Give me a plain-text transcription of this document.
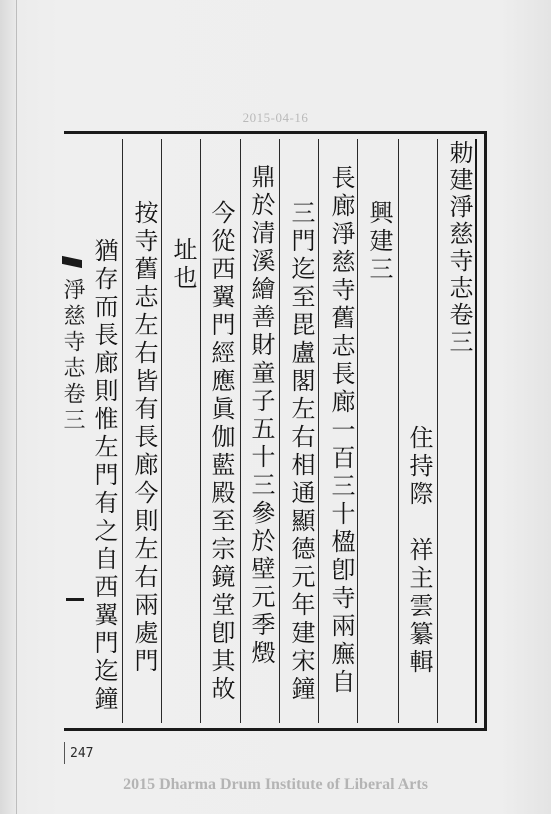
2015-04-16
勅建淨慈寺志卷三
住持際　祥主雲纂輯
興建三
長廊淨慈寺舊志長廊一百三十楹卽寺兩廡自
三門迄至毘盧閣左右相通顯德元年建宋鐘
鼎於清溪繪善財童子五十三參於壁元季燬
今從西翼門經應眞伽藍殿至宗鏡堂卽其故
址也
按寺舊志左右皆有長廊今則左右兩處門
猶存而長廊則惟左門有之自西翼門迄鐘
淨慈寺志卷三
247
2015 Dharma Drum Institute of Liberal Arts
